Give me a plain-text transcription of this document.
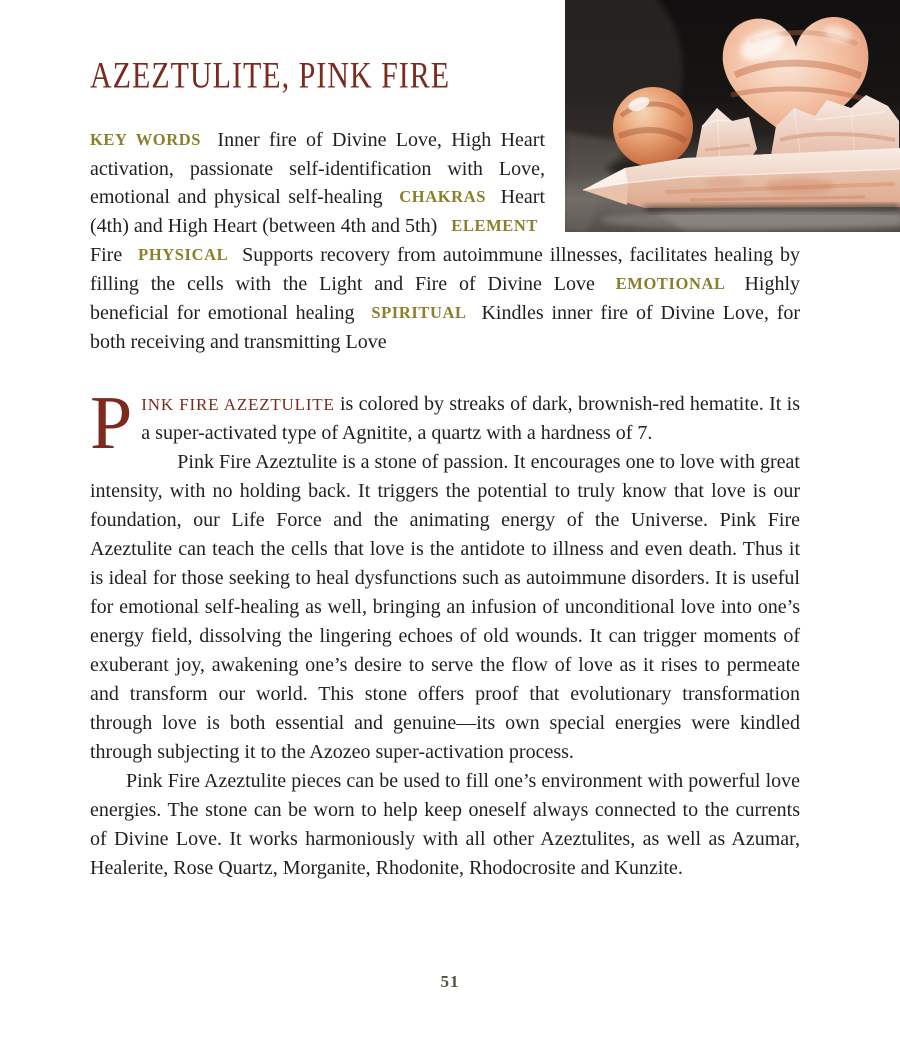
AZEZTULITE, PINK FIRE

KEY WORDS Inner fire of Divine Love, High Heart activation, passionate self-identification with Love, emotional and physical self-healing CHAKRAS Heart (4th) and High Heart (between 4th and 5th) ELEMENT Fire PHYSICAL Supports recovery from autoimmune illnesses, facilitates healing by filling the cells with the Light and Fire of Divine Love EMOTIONAL Highly beneficial for emotional healing SPIRITUAL Kindles inner fire of Divine Love, for both receiving and transmitting Love

PINK FIRE AZEZTULITE is colored by streaks of dark, brownish-red hematite. It is a super-activated type of Agnitite, a quartz with a hardness of 7.

Pink Fire Azeztulite is a stone of passion. It encourages one to love with great intensity, with no holding back. It triggers the potential to truly know that love is our foundation, our Life Force and the animating energy of the Universe. Pink Fire Azeztulite can teach the cells that love is the antidote to illness and even death. Thus it is ideal for those seeking to heal dysfunctions such as autoimmune disorders. It is useful for emotional self-healing as well, bringing an infusion of unconditional love into one’s energy field, dissolving the lingering echoes of old wounds. It can trigger moments of exuberant joy, awakening one’s desire to serve the flow of love as it rises to permeate and transform our world. This stone offers proof that evolutionary transformation through love is both essential and genuine—its own special energies were kindled through subjecting it to the Azozeo super-activation process.

Pink Fire Azeztulite pieces can be used to fill one’s environment with powerful love energies. The stone can be worn to help keep oneself always connected to the currents of Divine Love. It works harmoniously with all other Azeztulites, as well as Azumar, Healerite, Rose Quartz, Morganite, Rhodonite, Rhodocrosite and Kunzite.

51
